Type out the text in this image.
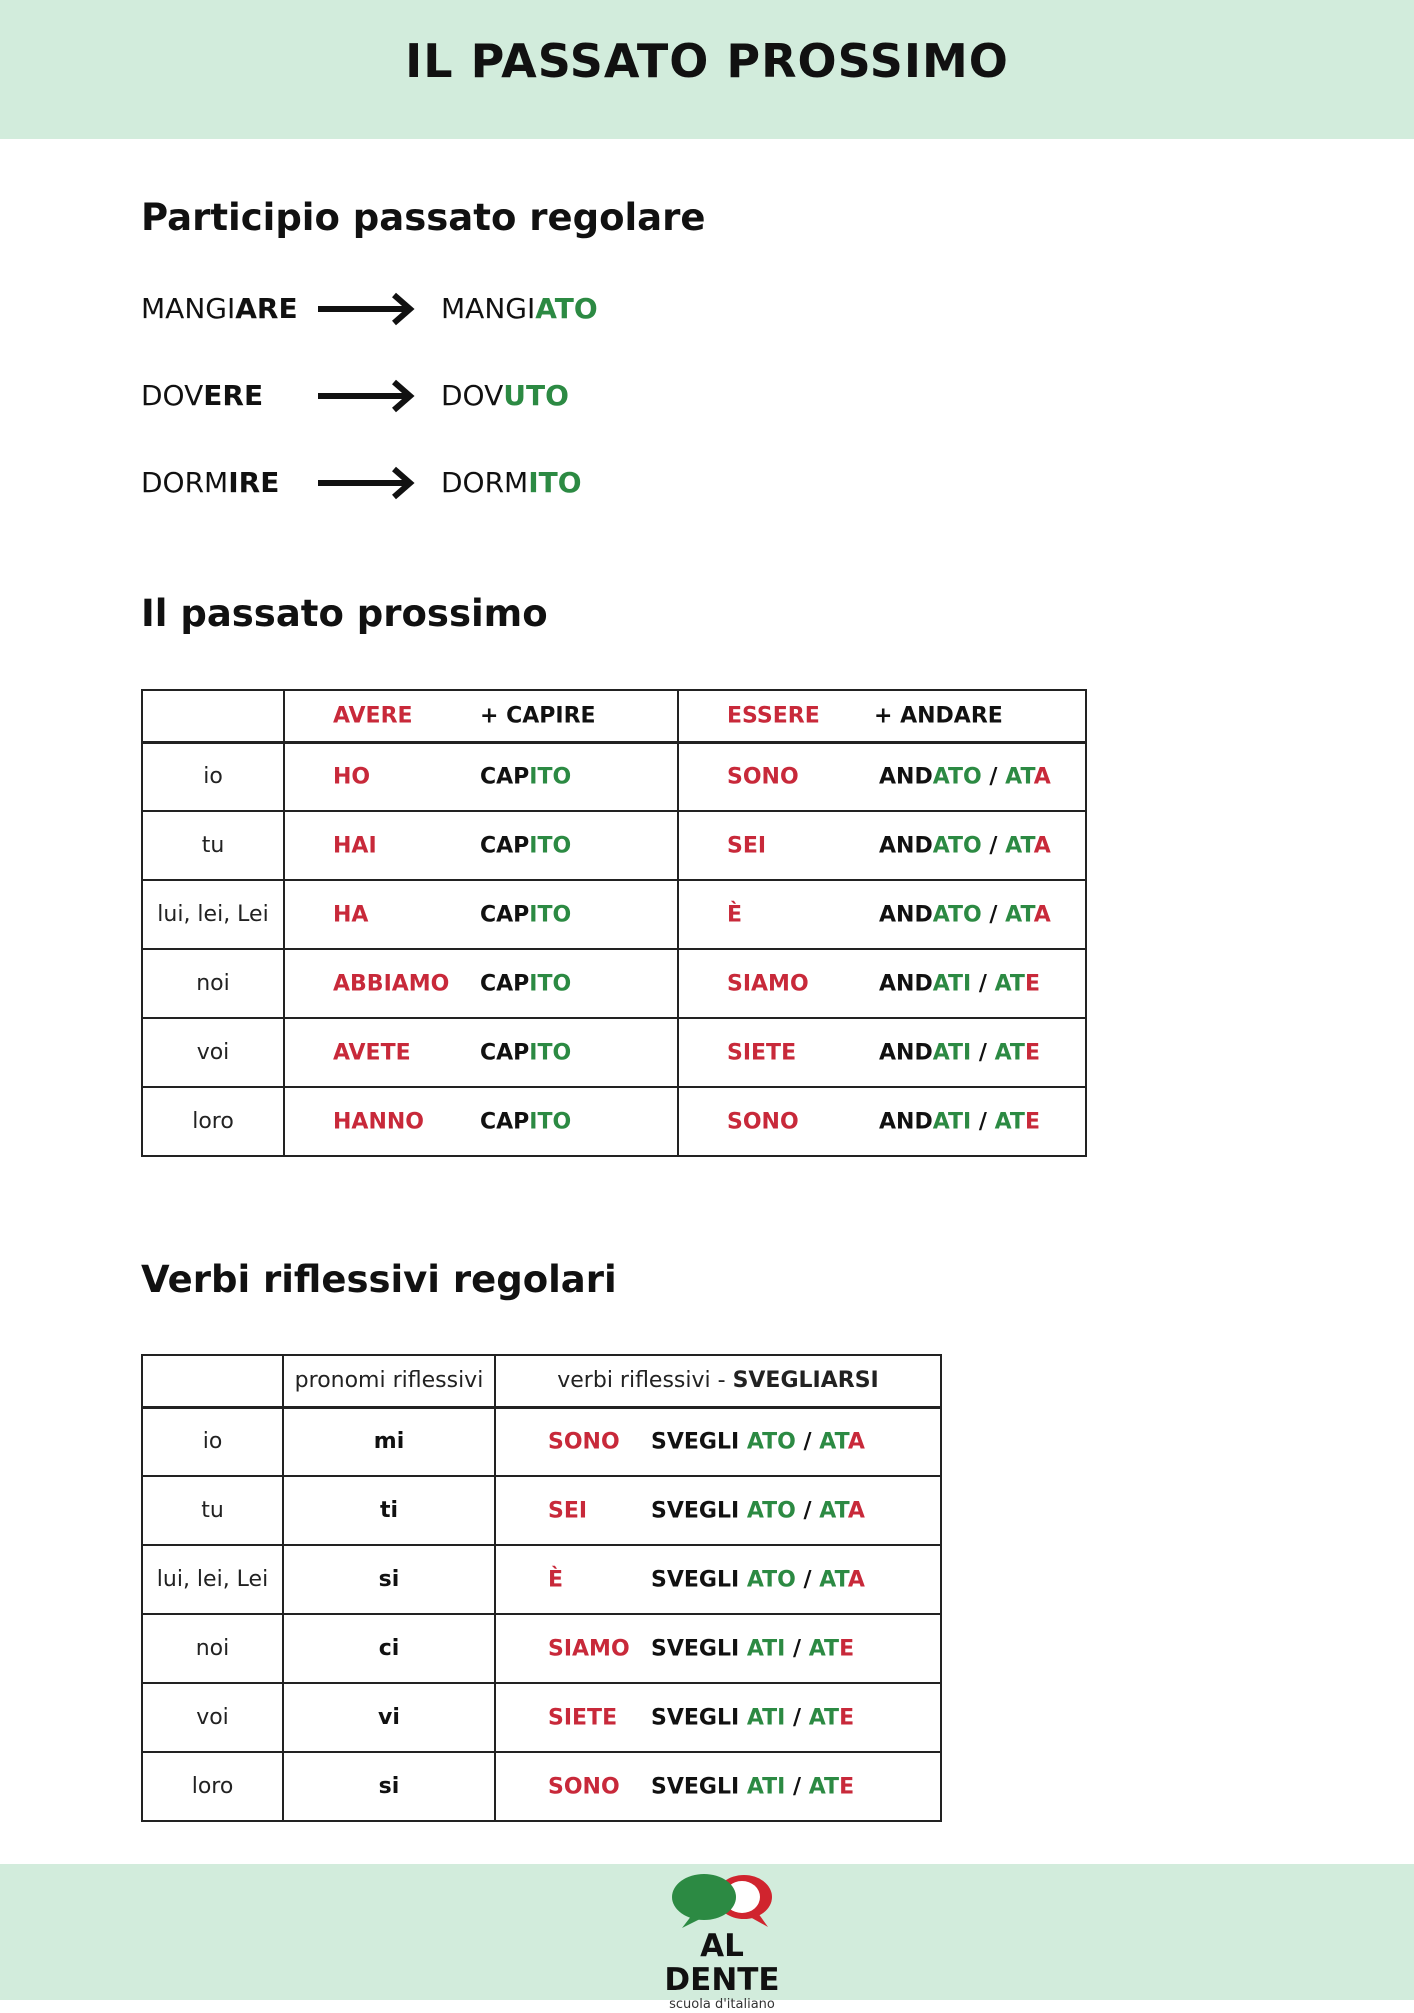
IL PASSATO PROSSIMO
Participio passato regolare
MANGIARE	MANGIATO
DOVERE	DOVUTO
DORMIRE	DORMITO
Il passato prossimo

	AVERE + CAPIRE	ESSERE + ANDARE

io	HO CAPITO	SONO ANDATO / ATA

tu	HAI CAPITO	SEI ANDATO / ATA

lui, lei, Lei	HA CAPITO	È ANDATO / ATA

noi	ABBIAMO CAPITO	SIAMO ANDATI / ATE

voi	AVETE CAPITO	SIETE ANDATI / ATE

loro	HANNO CAPITO	SONO ANDATI / ATE
Verbi riflessivi regolari
	pronomi riflessivi	verbi riflessivi - SVEGLIARSI
io	mi	SONO SVEGLI ATO / ATA

tu	ti	SEI SVEGLI ATO / ATA

lui, lei, Lei	si	È SVEGLI ATO / ATA

noi	ci	SIAMO SVEGLI ATI / ATE

voi	vi	SIETE SVEGLI ATI / ATE

loro	si	SONO SVEGLI ATI / ATE
AL DENTE
scuola d'italiano
